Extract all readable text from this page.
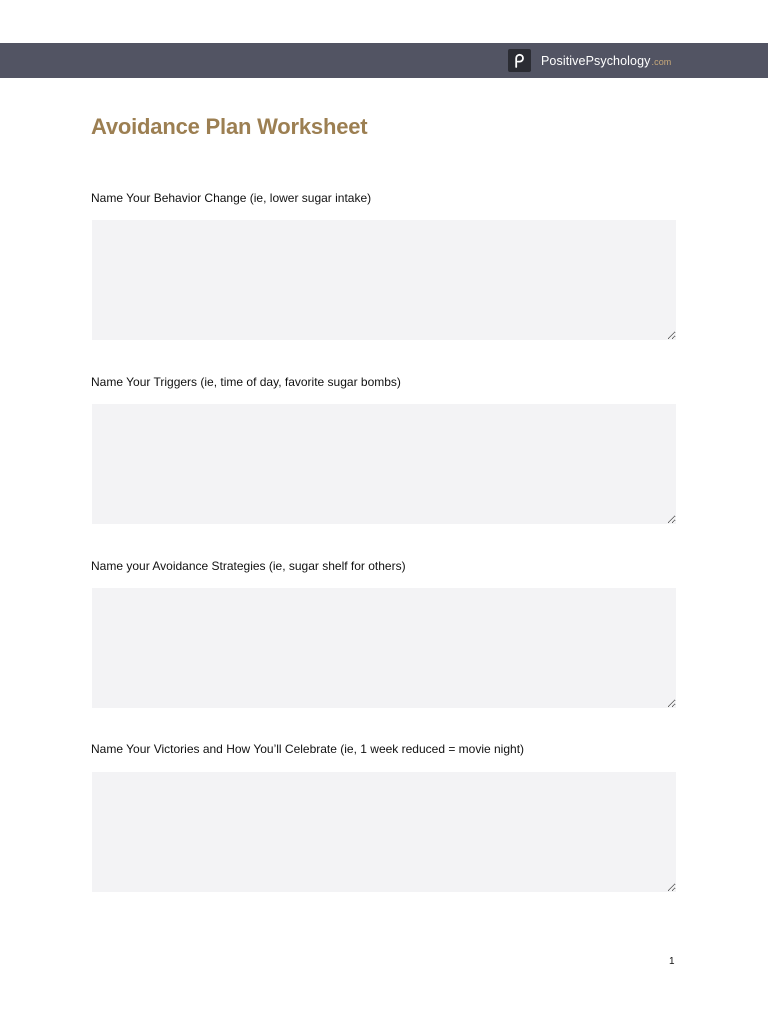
PositivePsychology.com
Avoidance Plan Worksheet

Name Your Behavior Change (ie, lower sugar intake)

Name Your Triggers (ie, time of day, favorite sugar bombs)

Name your Avoidance Strategies (ie, sugar shelf for others)

Name Your Victories and How You’ll Celebrate (ie, 1 week reduced = movie night)

1
